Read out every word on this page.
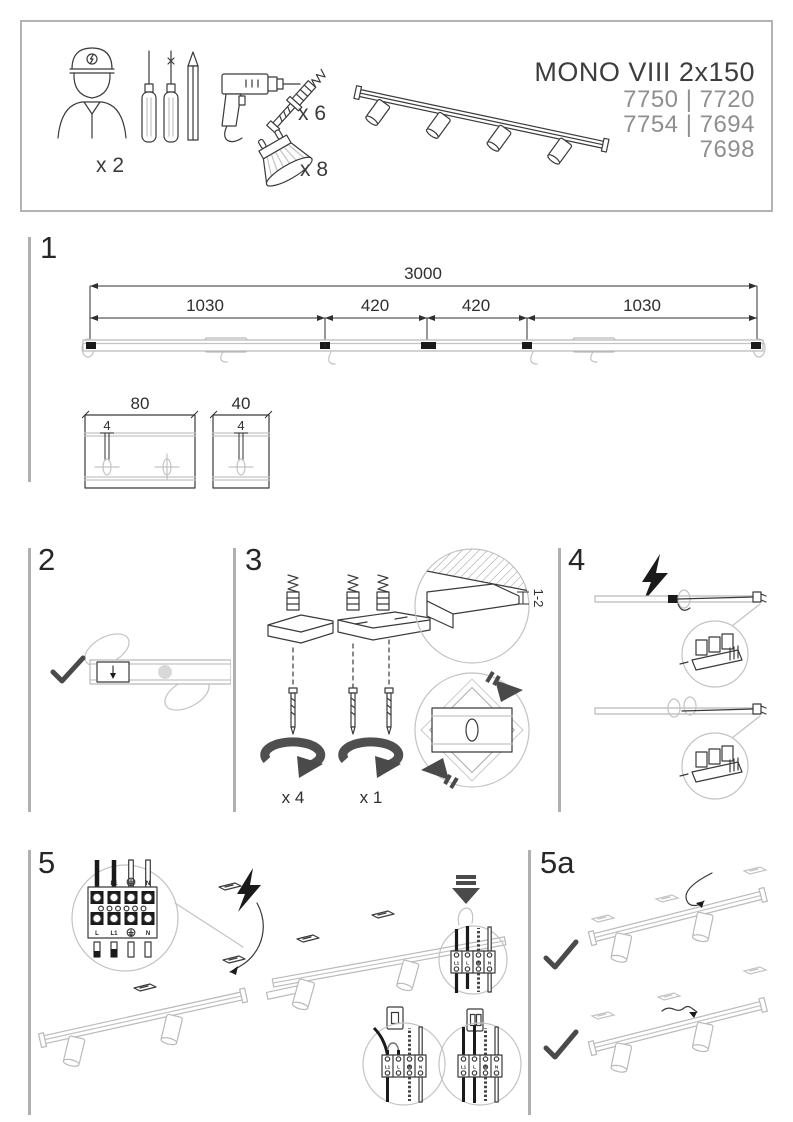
x 2
x 6
x 8
MONO VIII 2x150
7750 | 7720
7754 | 7694
7698
1
3000
1030	420	420	1030
80
4
40
4
2	3
x 4	x 1
1-2
4
5
L L1	N
L L1	N
L1 L	N
L1 L	N	L1 L	N
5a
